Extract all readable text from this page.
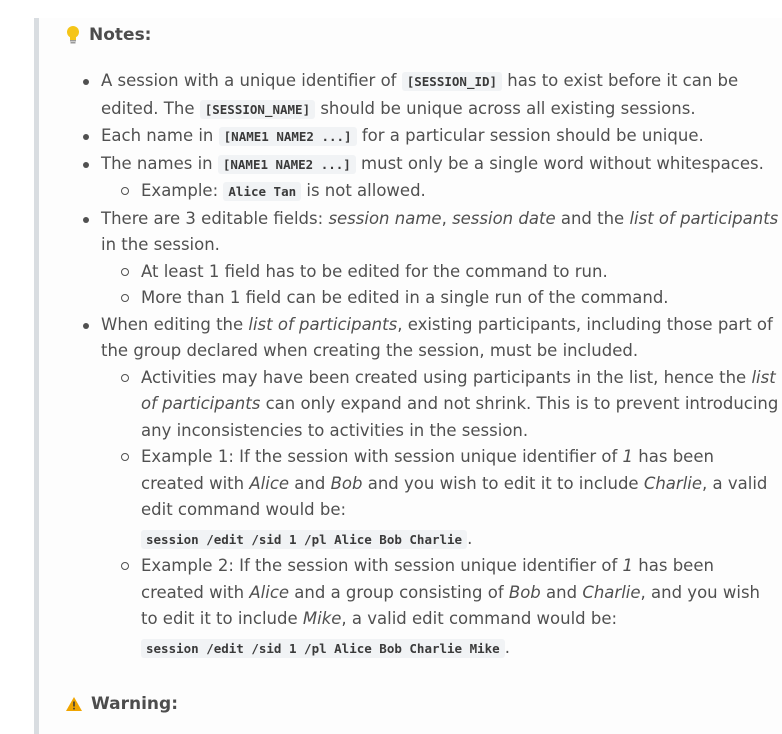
Notes:
A session with a unique identifier of [SESSION_ID] has to exist before it can be edited. The [SESSION_NAME] should be unique across all existing sessions.
Each name in [NAME1 NAME2 ...] for a particular session should be unique.
The names in [NAME1 NAME2 ...] must only be a single word without whitespaces.
Example: Alice Tan is not allowed.
There are 3 editable fields: session name, session date and the list of participants in the session.
At least 1 field has to be edited for the command to run.
More than 1 field can be edited in a single run of the command.
When editing the list of participants, existing participants, including those part of the group declared when creating the session, must be included.
Activities may have been created using participants in the list, hence the list of participants can only expand and not shrink. This is to prevent introducing any inconsistencies to activities in the session.
Example 1: If the session with session unique identifier of 1 has been created with Alice and Bob and you wish to edit it to include Charlie, a valid edit command would be:
session /edit /sid 1 /pl Alice Bob Charlie .
Example 2: If the session with session unique identifier of 1 has been created with Alice and a group consisting of Bob and Charlie, and you wish to edit it to include Mike, a valid edit command would be:
session /edit /sid 1 /pl Alice Bob Charlie Mike .
Warning:
